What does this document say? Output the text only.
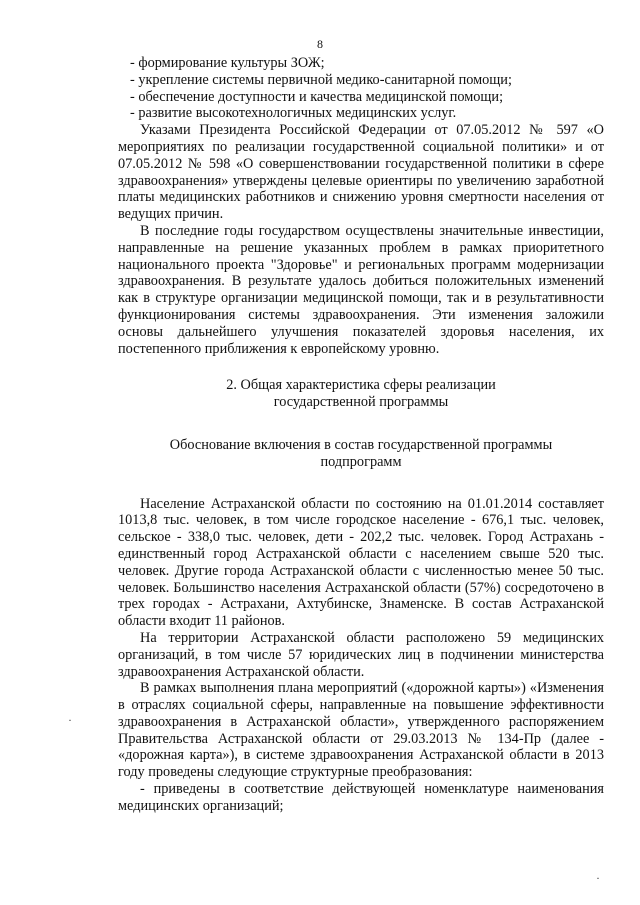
8

- формирование культуры ЗОЖ;

- укрепление системы первичной медико-санитарной помощи;

- обеспечение доступности и качества медицинской помощи;

- развитие высокотехнологичных медицинских услуг.

Указами Президента Российской Федерации от 07.05.2012 № 597 «О мероприятиях по реализации государственной социальной политики» и от 07.05.2012 № 598 «О совершенствовании государственной политики в сфере здравоохранения» утверждены целевые ориентиры по увеличению заработной платы медицинских работников и снижению уровня смертности населения от ведущих причин.

В последние годы государством осуществлены значительные инвестиции, направленные на решение указанных проблем в рамках приоритетного национального проекта "Здоровье" и региональных программ модернизации здравоохранения. В результате удалось добиться положительных изменений как в структуре организации медицинской помощи, так и в результативности функционирования системы здравоохранения. Эти изменения заложили основы дальнейшего улучшения показателей здоровья населения, их постепенного приближения к европейскому уровню.

2. Общая характеристика сферы реализации
государственной программы
Обоснование включения в состав государственной программы
подпрограмм

Население Астраханской области по состоянию на 01.01.2014 составляет 1013,8 тыс. человек, в том числе городское население - 676,1 тыс. человек, сельское - 338,0 тыс. человек, дети - 202,2 тыс. человек. Город Астрахань - единственный город Астраханской области с населением свыше 520 тыс. человек. Другие города Астраханской области с численностью менее 50 тыс. человек. Большинство населения Астраханской области (57%) сосредоточено в трех городах - Астрахани, Ахтубинске, Знаменске. В состав Астраханской области входит 11 районов.

На территории Астраханской области расположено 59 медицинских организаций, в том числе 57 юридических лиц в подчинении министерства здравоохранения Астраханской области.

В рамках выполнения плана мероприятий («дорожной карты») «Изменения в отраслях социальной сферы, направленные на повышение эффективности здравоохранения в Астраханской области», утвержденного распоряжением Правительства Астраханской области от 29.03.2013 № 134-Пр (далее - «дорожная карта»), в системе здравоохранения Астраханской области в 2013 году проведены следующие структурные преобразования:

- приведены в соответствие действующей номенклатуре наименования медицинских организаций;

·
·
